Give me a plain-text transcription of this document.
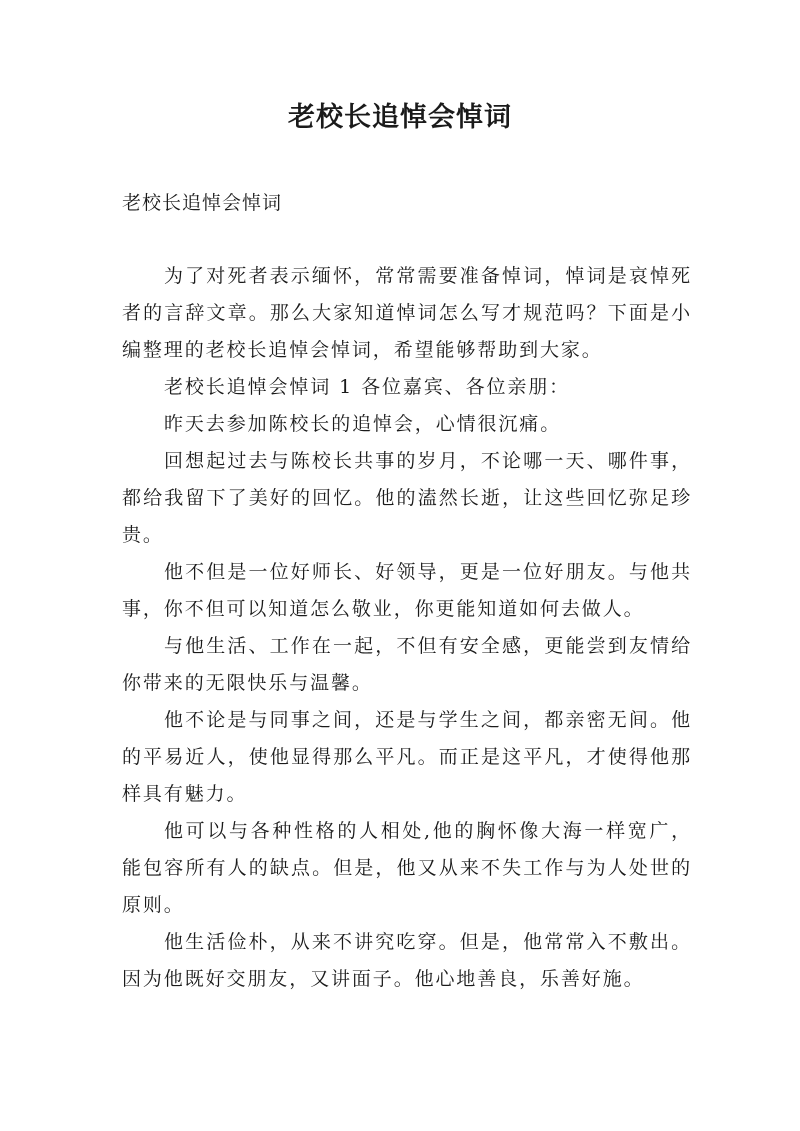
老校长追悼会悼词

老校长追悼会悼词

为了对死者表示缅怀，常常需要准备悼词，悼词是哀悼死者的言辞文章。那么大家知道悼词怎么写才规范吗？下面是小编整理的老校长追悼会悼词，希望能够帮助到大家。

老校长追悼会悼词 1 各位嘉宾、各位亲朋：

昨天去参加陈校长的追悼会，心情很沉痛。

回想起过去与陈校长共事的岁月，不论哪一天、哪件事，都给我留下了美好的回忆。他的溘然长逝，让这些回忆弥足珍贵。

他不但是一位好师长、好领导，更是一位好朋友。与他共事，你不但可以知道怎么敬业，你更能知道如何去做人。

与他生活、工作在一起，不但有安全感，更能尝到友情给你带来的无限快乐与温馨。

他不论是与同事之间，还是与学生之间，都亲密无间。他的平易近人，使他显得那么平凡。而正是这平凡，才使得他那样具有魅力。

他可以与各种性格的人相处,他的胸怀像大海一样宽广，能包容所有人的缺点。但是，他又从来不失工作与为人处世的原则。

他生活俭朴，从来不讲究吃穿。但是，他常常入不敷出。因为他既好交朋友，又讲面子。他心地善良，乐善好施。
